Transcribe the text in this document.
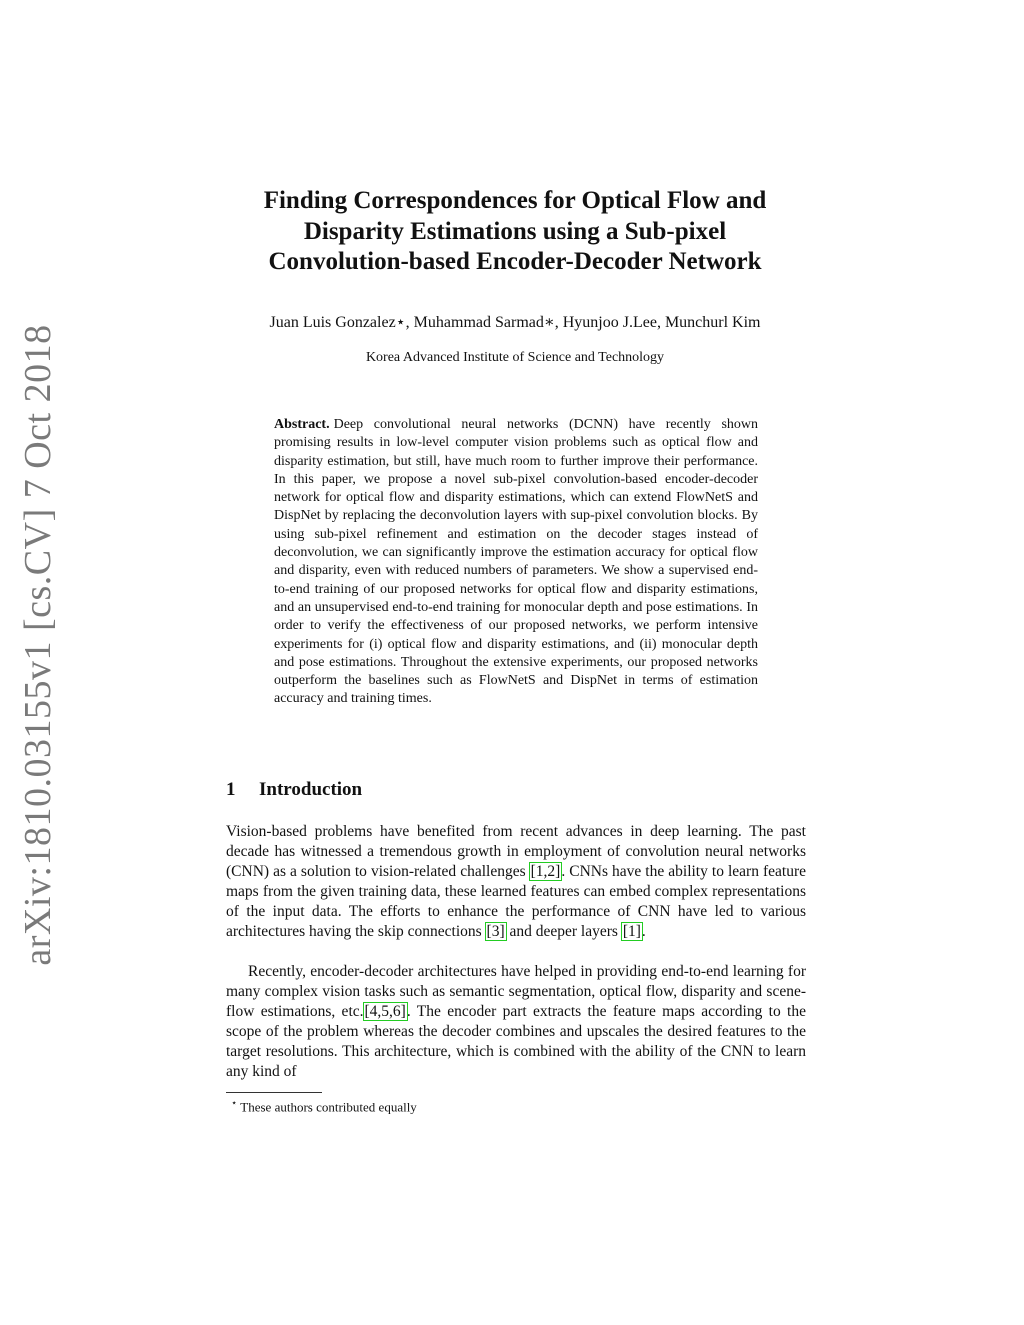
arXiv:1810.03155v1 [cs.CV] 7 Oct 2018
Finding Correspondences for Optical Flow and
Disparity Estimations using a Sub-pixel
Convolution-based Encoder-Decoder Network

Juan Luis Gonzalez⋆, Muhammad Sarmad∗, Hyunjoo J.Lee, Munchurl Kim

Korea Advanced Institute of Science and Technology

Abstract. Deep convolutional neural networks (DCNN) have recently shown promising results in low-level computer vision problems such as optical flow and disparity estimation, but still, have much room to further improve their performance. In this paper, we propose a novel sub-pixel convolution-based encoder-decoder network for optical flow and disparity estimations, which can extend FlowNetS and DispNet by replacing the deconvolution layers with sup-pixel convolution blocks. By using sub-pixel refinement and estimation on the decoder stages instead of deconvolution, we can significantly improve the estimation accuracy for optical flow and disparity, even with reduced numbers of parameters. We show a supervised end-to-end training of our proposed networks for optical flow and disparity estimations, and an unsupervised end-to-end training for monocular depth and pose estimations. In order to verify the effectiveness of our proposed networks, we perform intensive experiments for (i) optical flow and disparity estimations, and (ii) monocular depth and pose estimations. Throughout the extensive experiments, our proposed networks outperform the baselines such as FlowNetS and DispNet in terms of estimation accuracy and training times.

1 Introduction

Vision-based problems have benefited from recent advances in deep learning. The past decade has witnessed a tremendous growth in employment of convolution neural networks (CNN) as a solution to vision-related challenges [1,2]. CNNs have the ability to learn feature maps from the given training data, these learned features can embed complex representations of the input data. The efforts to enhance the performance of CNN have led to various architectures having the skip connections [3] and deeper layers [1].

Recently, encoder-decoder architectures have helped in providing end-to-end learning for many complex vision tasks such as semantic segmentation, optical flow, disparity and scene-flow estimations, etc.[4,5,6]. The encoder part extracts the feature maps according to the scope of the problem whereas the decoder combines and upscales the desired features to the target resolutions. This architecture, which is combined with the ability of the CNN to learn any kind of

⋆ These authors contributed equally
